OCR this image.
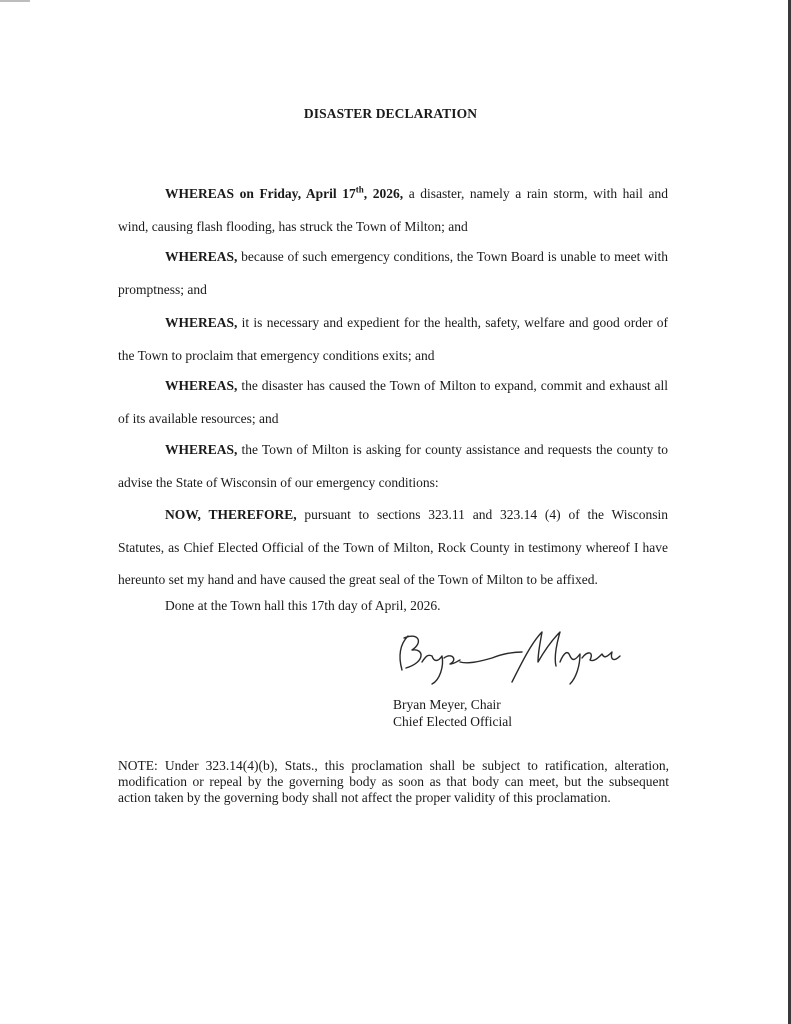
DISASTER DECLARATION
WHEREAS on Friday, April 17th, 2026, a disaster, namely a rain storm, with hail and wind, causing flash flooding, has struck the Town of Milton; and
WHEREAS, because of such emergency conditions, the Town Board is unable to meet with promptness; and
WHEREAS, it is necessary and expedient for the health, safety, welfare and good order of the Town to proclaim that emergency conditions exits; and
WHEREAS, the disaster has caused the Town of Milton to expand, commit and exhaust all of its available resources; and
WHEREAS, the Town of Milton is asking for county assistance and requests the county to advise the State of Wisconsin of our emergency conditions:
NOW, THEREFORE, pursuant to sections 323.11 and 323.14 (4) of the Wisconsin Statutes, as Chief Elected Official of the Town of Milton, Rock County in testimony whereof I have hereunto set my hand and have caused the great seal of the Town of Milton to be affixed.
Done at the Town hall this 17th day of April, 2026.
Bryan Meyer, Chair
Chief Elected Official
NOTE: Under 323.14(4)(b), Stats., this proclamation shall be subject to ratification, alteration, modification or repeal by the governing body as soon as that body can meet, but the subsequent action taken by the governing body shall not affect the proper validity of this proclamation.
